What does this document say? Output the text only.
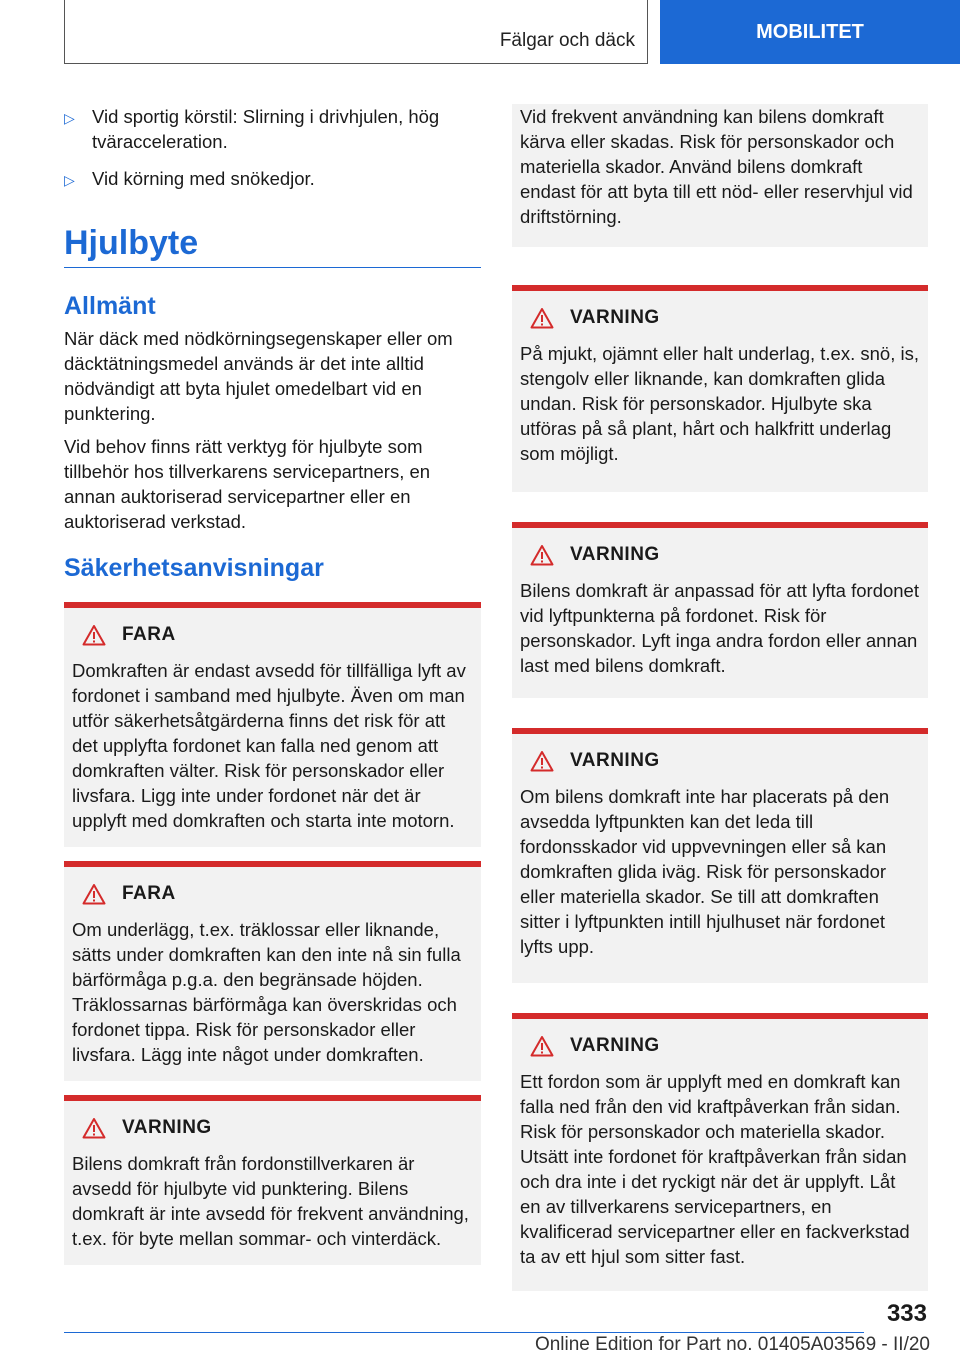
Fälgar och däck	MOBILITET
▷ Vid sportig körstil: Slirning i drivhjulen, hög tväracceleration.
▷ Vid körning med snökedjor.
Hjulbyte
Allmänt

När däck med nödkörningsegenskaper eller om däcktätningsmedel används är det inte alltid nödvändigt att byta hjulet omedelbart vid en punktering.

Vid behov finns rätt verktyg för hjulbyte som tillbehör hos tillverkarens servicepartners, en annan auktoriserad servicepartner eller en auktoriserad verkstad.

Säkerhetsanvisningar
FARA

Domkraften är endast avsedd för tillfälliga lyft av fordonet i samband med hjulbyte. Även om man utför säkerhetsåtgärderna finns det risk för att det upplyfta fordonet kan falla ned genom att domkraften välter. Risk för personskador eller livsfara. Ligg inte under fordonet när det är upplyft med domkraften och starta inte motorn.

FARA

Om underlägg, t.ex. träklossar eller liknande, sätts under domkraften kan den inte nå sin fulla bärförmåga p.g.a. den begränsade höjden. Träklossarnas bärförmåga kan överskridas och fordonet tippa. Risk för personskador eller livsfara. Lägg inte något under domkraften.

VARNING

Bilens domkraft från fordonstillverkaren är avsedd för hjulbyte vid punktering. Bilens domkraft är inte avsedd för frekvent användning, t.ex. för byte mellan sommar- och vinterdäck.

Vid frekvent användning kan bilens domkraft kärva eller skadas. Risk för personskador och materiella skador. Använd bilens domkraft endast för att byta till ett nöd- eller reservhjul vid driftstörning.

VARNING

På mjukt, ojämnt eller halt underlag, t.ex. snö, is, stengolv eller liknande, kan domkraften glida undan. Risk för personskador. Hjulbyte ska utföras på så plant, hårt och halkfritt underlag som möjligt.

VARNING

Bilens domkraft är anpassad för att lyfta fordonet vid lyftpunkterna på fordonet. Risk för personskador. Lyft inga andra fordon eller annan last med bilens domkraft.

VARNING

Om bilens domkraft inte har placerats på den avsedda lyftpunkten kan det leda till fordonsskador vid uppvevningen eller så kan domkraften glida iväg. Risk för personskador eller materiella skador. Se till att domkraften sitter i lyftpunkten intill hjulhuset när fordonet lyfts upp.

VARNING

Ett fordon som är upplyft med en domkraft kan falla ned från den vid kraftpåverkan från sidan. Risk för personskador och materiella skador. Utsätt inte fordonet för kraftpåverkan från sidan och dra inte i det ryckigt när det är upplyft. Låt en av tillverkarens servicepartners, en kvalificerad servicepartner eller en fackverkstad ta av ett hjul som sitter fast.

333
Online Edition for Part no. 01405A03569 - II/20
